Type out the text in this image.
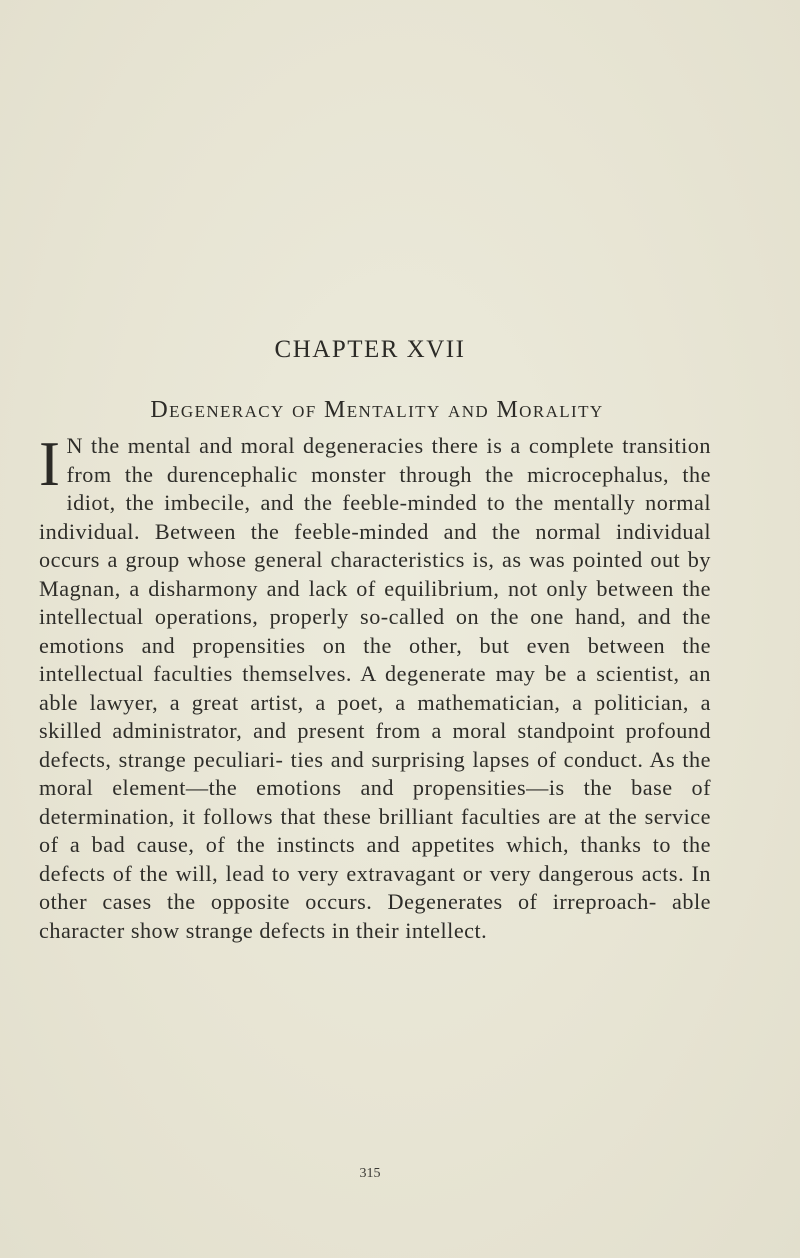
CHAPTER XVII
Degeneracy of Mentality and Morality
I N the mental and moral degeneracies there is a complete transition from the durencephalic monster through the microcephalus, the idiot, the imbecile, and the feeble-minded to the mentally normal individual. Between the feeble-minded and the normal individual occurs a group whose general characteristics is, as was pointed out by Magnan, a disharmony and lack of equilibrium, not only between the intellectual operations, properly so-called on the one hand, and the emotions and propensities on the other, but even between the intellectual faculties themselves. A degenerate may be a scientist, an able lawyer, a great artist, a poet, a mathematician, a politician, a skilled administrator, and present from a moral standpoint profound defects, strange peculiari- ties and surprising lapses of conduct. As the moral element—the emotions and propensities—is the base of determination, it follows that these brilliant faculties are at the service of a bad cause, of the instincts and appetites which, thanks to the defects of the will, lead to very extravagant or very dangerous acts. In other cases the opposite occurs. Degenerates of irreproach- able character show strange defects in their intellect.
315
